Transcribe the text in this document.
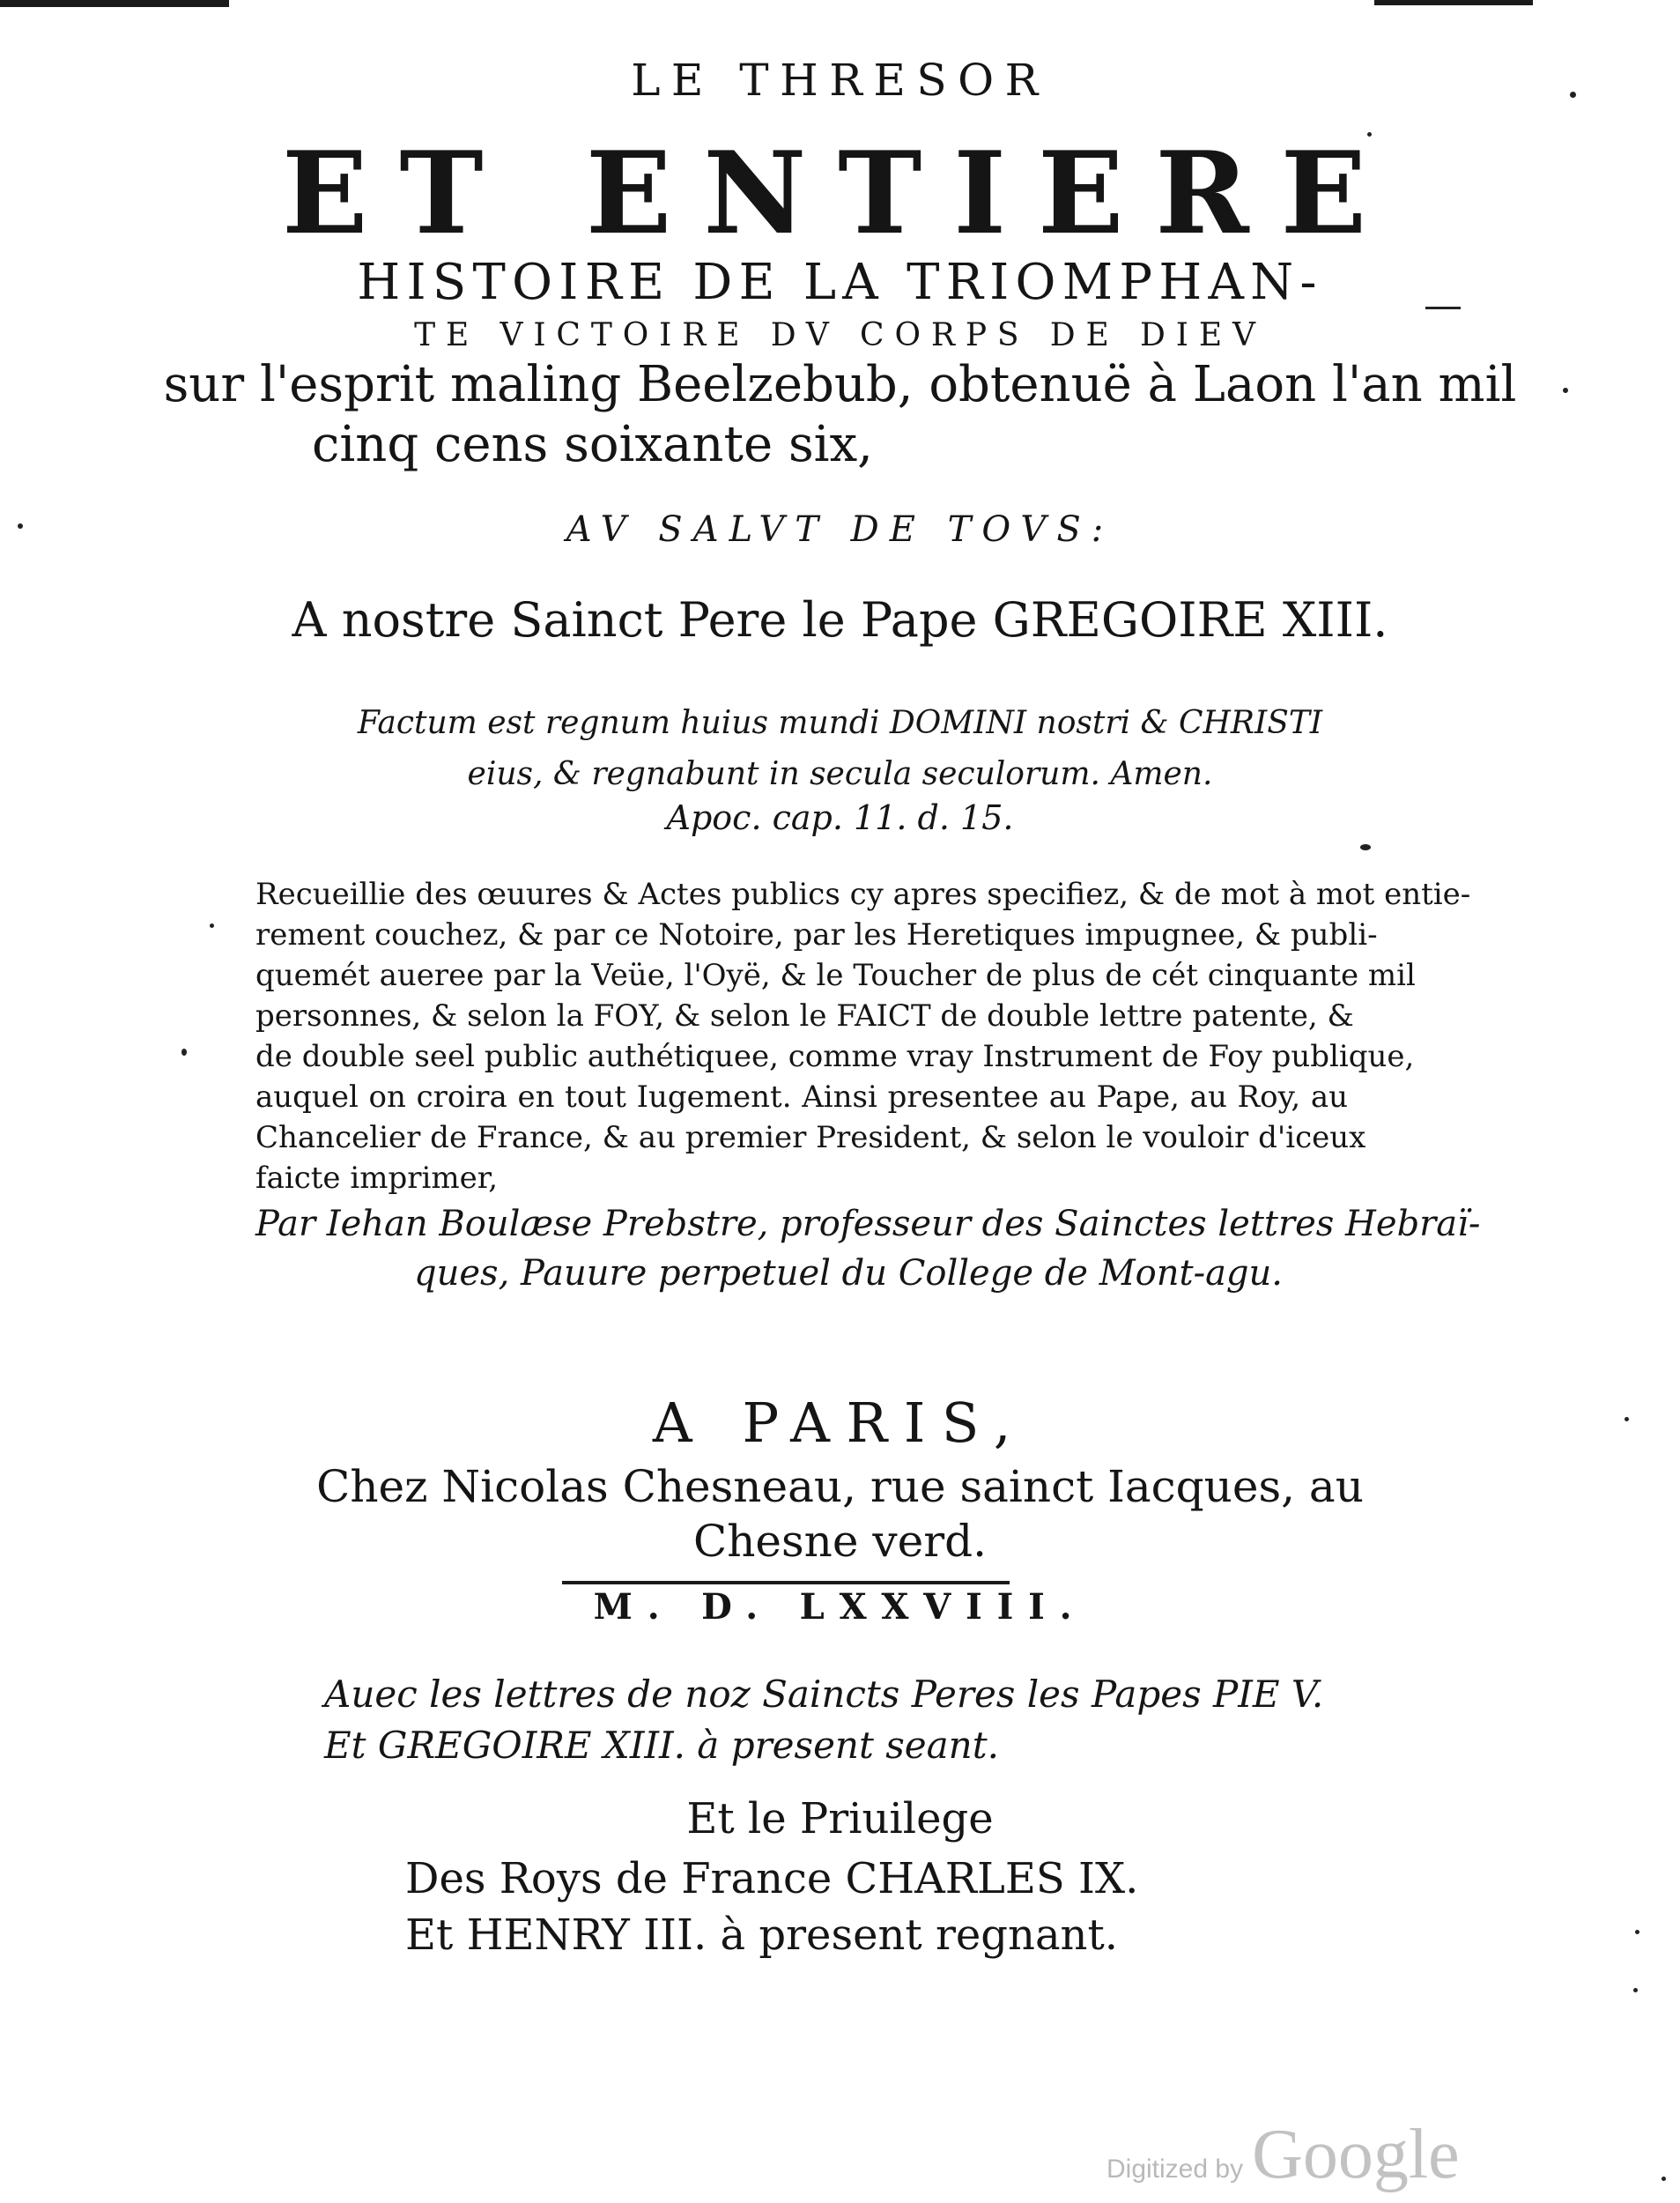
LE THRESOR
ET ENTIERE
HISTOIRE DE LA TRIOMPHAN-
TE VICTOIRE DV CORPS DE DIEV
sur l'esprit maling Beelzebub, obtenuë à Laon l'an mil
cinq cens soixante six,
AV SALVT DE TOVS:
A nostre Sainct Pere le Pape GREGOIRE XIII.
Factum est regnum huius mundi DOMINI nostri & CHRISTI
eius, & regnabunt in secula seculorum. Amen.
Apoc. cap. 11. d. 15.
Recueillie des œuures & Actes publics cy apres specifiez, & de mot à mot entie-
rement couchez, & par ce Notoire, par les Heretiques impugnee, & publi-
quemét aueree par la Veüe, l'Oyë, & le Toucher de plus de cét cinquante mil
personnes, & selon la FOY, & selon le FAICT de double lettre patente, &
de double seel public authétiquee, comme vray Instrument de Foy publique,
auquel on croira en tout Iugement. Ainsi presentee au Pape, au Roy, au
Chancelier de France, & au premier President, & selon le vouloir d'iceux
faicte imprimer,
Par Iehan Boulæse Prebstre, professeur des Sainctes lettres Hebraï-
ques, Pauure perpetuel du College de Mont-agu.
A PARIS,
Chez Nicolas Chesneau, rue sainct Iacques, au
Chesne verd.
M. D. LXXVIII.
Auec les lettres de noz Saincts Peres les Papes PIE V.
Et GREGOIRE XIII. à present seant.
Et le Priuilege
Des Roys de France CHARLES IX.
Et HENRY III. à present regnant.
Digitized by Google
